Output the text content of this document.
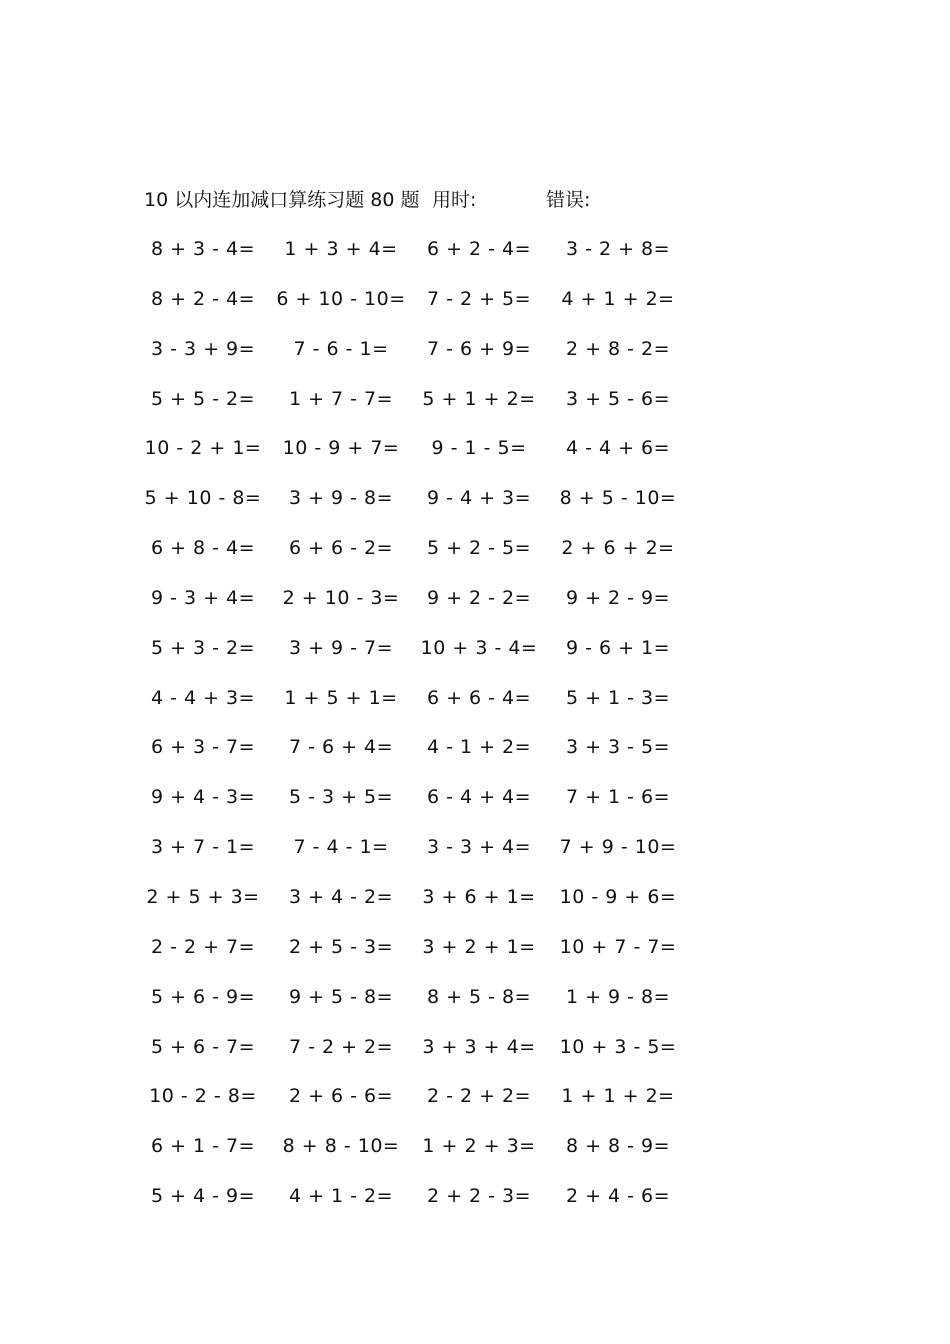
10 以内连加减口算练习题 80 题 用时:	错误:
8 + 3 - 4=	1 + 3 + 4=	6 + 2 - 4=	3 - 2 + 8=
8 + 2 - 4=	6 + 10 - 10=	7 - 2 + 5=	4 + 1 + 2=
3 - 3 + 9=	7 - 6 - 1=	7 - 6 + 9=	2 + 8 - 2=
5 + 5 - 2=	1 + 7 - 7=	5 + 1 + 2=	3 + 5 - 6=
10 - 2 + 1=	10 - 9 + 7=	9 - 1 - 5=	4 - 4 + 6=
5 + 10 - 8=	3 + 9 - 8=	9 - 4 + 3=	8 + 5 - 10=
6 + 8 - 4=	6 + 6 - 2=	5 + 2 - 5=	2 + 6 + 2=
9 - 3 + 4=	2 + 10 - 3=	9 + 2 - 2=	9 + 2 - 9=
5 + 3 - 2=	3 + 9 - 7=	10 + 3 - 4=	9 - 6 + 1=
4 - 4 + 3=	1 + 5 + 1=	6 + 6 - 4=	5 + 1 - 3=
6 + 3 - 7=	7 - 6 + 4=	4 - 1 + 2=	3 + 3 - 5=
9 + 4 - 3=	5 - 3 + 5=	6 - 4 + 4=	7 + 1 - 6=
3 + 7 - 1=	7 - 4 - 1=	3 - 3 + 4=	7 + 9 - 10=
2 + 5 + 3=	3 + 4 - 2=	3 + 6 + 1=	10 - 9 + 6=
2 - 2 + 7=	2 + 5 - 3=	3 + 2 + 1=	10 + 7 - 7=
5 + 6 - 9=	9 + 5 - 8=	8 + 5 - 8=	1 + 9 - 8=
5 + 6 - 7=	7 - 2 + 2=	3 + 3 + 4=	10 + 3 - 5=
10 - 2 - 8=	2 + 6 - 6=	2 - 2 + 2=	1 + 1 + 2=
6 + 1 - 7=	8 + 8 - 10=	1 + 2 + 3=	8 + 8 - 9=
5 + 4 - 9=	4 + 1 - 2=	2 + 2 - 3=	2 + 4 - 6=
